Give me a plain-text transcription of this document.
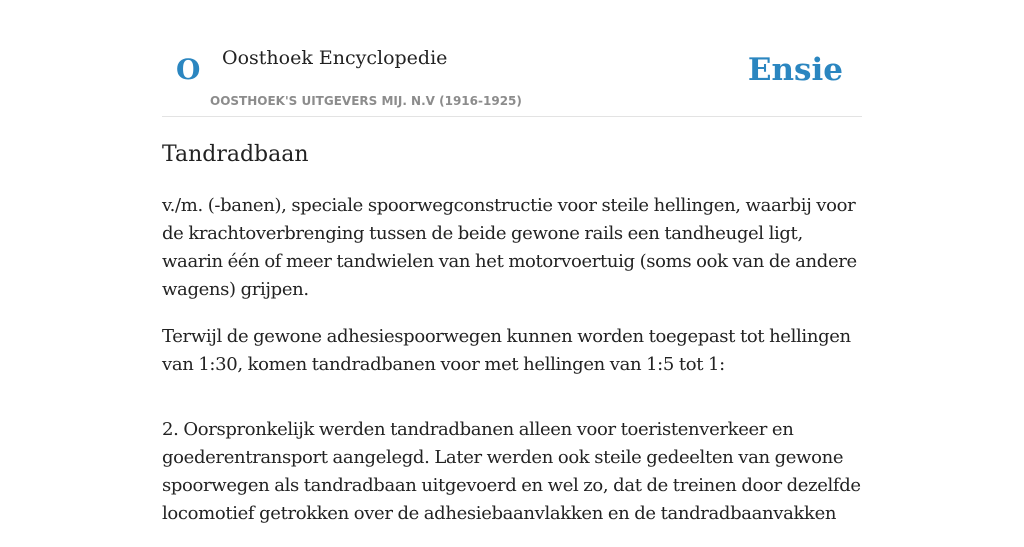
O Oosthoek Encyclopedie
OOSTHOEK'S UITGEVERS MIJ. N.V (1916-1925)
Ensie
Tandradbaan

v./m. (-banen), speciale spoorwegconstructie voor steile hellingen, waarbij voor de krachtoverbrenging tussen de beide gewone rails een tandheugel ligt, waarin één of meer tandwielen van het motorvoertuig (soms ook van de andere wagens) grijpen.

Terwijl de gewone adhesiespoorwegen kunnen worden toegepast tot hellingen van 1:30, komen tandradbanen voor met hellingen van 1:5 tot 1:

2. Oorspronkelijk werden tandradbanen alleen voor toeristenverkeer en goederentransport aangelegd. Later werden ook steile gedeelten van gewone spoorwegen als tandradbaan uitgevoerd en wel zo, dat de treinen door dezelfde locomotief getrokken over de adhesiebaanvlakken en de tandradbaanvakken
